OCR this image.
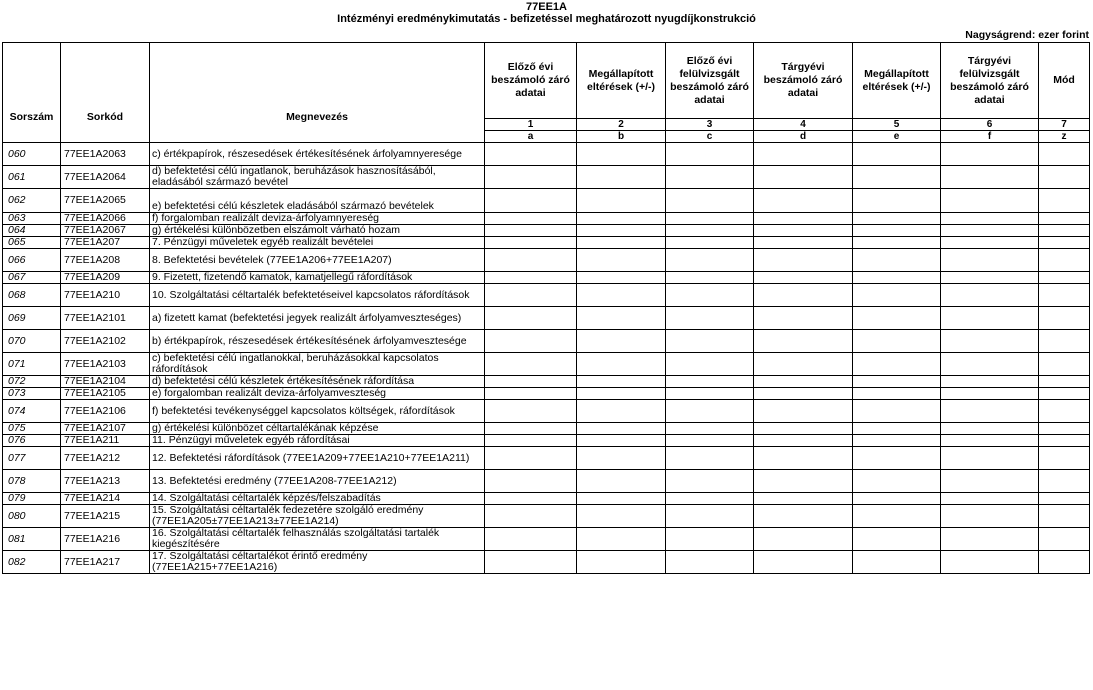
77EE1A
Intézményi eredménykimutatás - befizetéssel meghatározott nyugdíjkonstrukció
Nagyságrend: ezer forint
Sorszám	Sorkód	Megnevezés	Előző évi beszámoló záró adatai	Megállapított eltérések (+/-)	Előző évi felülvizsgált beszámoló záró adatai	Tárgyévi beszámoló záró adatai	Megállapított eltérések (+/-)	Tárgyévi felülvizsgált beszámoló záró adatai	Mód
			1	2	3	4	5	6	7
			a	b	c	d	e	f	z
060	77EE1A2063	c) értékpapírok, részesedések értékesítésének árfolyamnyeresége							
061	77EE1A2064	d) befektetési célú ingatlanok, beruházások hasznosításából, eladásából származó bevétel							
062	77EE1A2065	e) befektetési célú készletek eladásából származó bevételek							
063	77EE1A2066	f) forgalomban realizált deviza-árfolyamnyereség							
064	77EE1A2067	g) értékelési különbözetben elszámolt várható hozam							
065	77EE1A207	7. Pénzügyi műveletek egyéb realizált bevételei							
066	77EE1A208	8. Befektetési bevételek (77EE1A206+77EE1A207)							
067	77EE1A209	9. Fizetett, fizetendő kamatok, kamatjellegű ráfordítások							
068	77EE1A210	10. Szolgáltatási céltartalék befektetéseivel kapcsolatos ráfordítások							
069	77EE1A2101	a) fizetett kamat (befektetési jegyek realizált árfolyamveszteséges)							
070	77EE1A2102	b) értékpapírok, részesedések értékesítésének árfolyamvesztesége							
071	77EE1A2103	c) befektetési célú ingatlanokkal, beruházásokkal kapcsolatos ráfordítások							
072	77EE1A2104	d) befektetési célú készletek értékesítésének ráfordítása							
073	77EE1A2105	e) forgalomban realizált deviza-árfolyamveszteség							
074	77EE1A2106	f) befektetési tevékenységgel kapcsolatos költségek, ráfordítások							
075	77EE1A2107	g) értékelési különbözet céltartalékának képzése							
076	77EE1A211	11. Pénzügyi műveletek egyéb ráfordításai							
077	77EE1A212	12. Befektetési ráfordítások (77EE1A209+77EE1A210+77EE1A211)							
078	77EE1A213	13. Befektetési eredmény (77EE1A208-77EE1A212)							
079	77EE1A214	14. Szolgáltatási céltartalék képzés/felszabadítás							
080	77EE1A215	15. Szolgáltatási céltartalék fedezetére szolgáló eredmény (77EE1A205±77EE1A213±77EE1A214)							
081	77EE1A216	16. Szolgáltatási céltartalék felhasználás szolgáltatási tartalék kiegészítésére							
082	77EE1A217	17. Szolgáltatási céltartalékot érintő eredmény (77EE1A215+77EE1A216)							
